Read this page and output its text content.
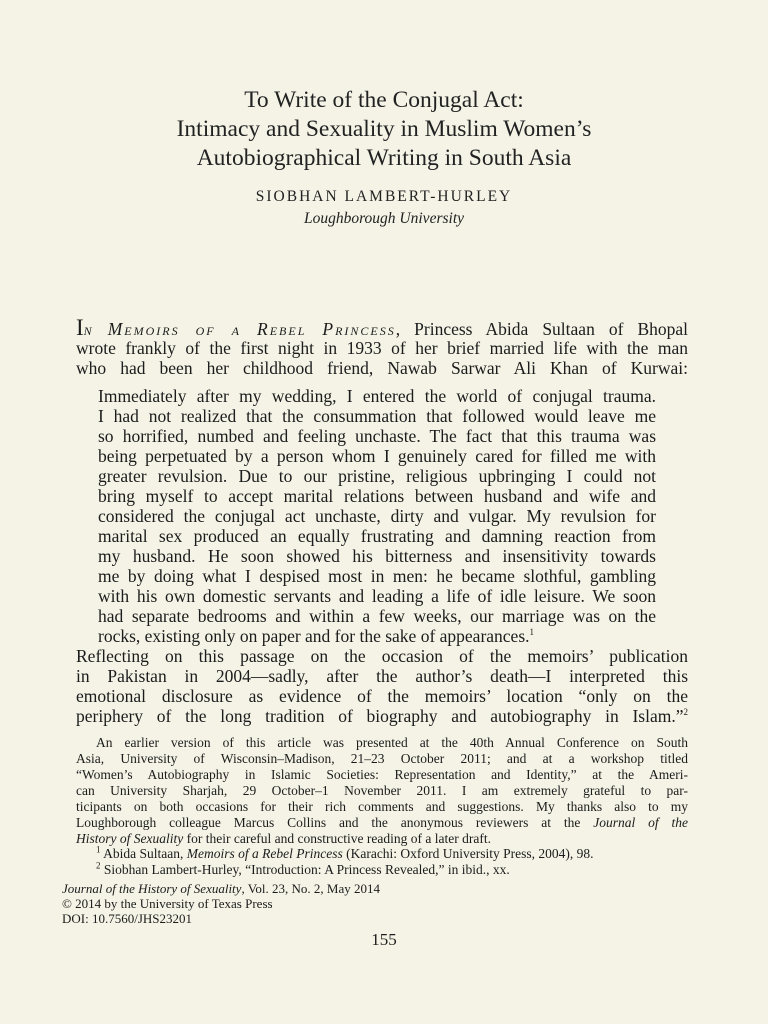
To Write of the Conjugal Act:
Intimacy and Sexuality in Muslim Women’s
Autobiographical Writing in South Asia
SIOBHAN LAMBERT-HURLEY
Loughborough University
In Memoirs of a Rebel Princess, Princess Abida Sultaan of Bhopal
wrote frankly of the first night in 1933 of her brief married life with the man
who had been her childhood friend, Nawab Sarwar Ali Khan of Kurwai:
Immediately after my wedding, I entered the world of conjugal trauma.
I had not realized that the consummation that followed would leave me
so horrified, numbed and feeling unchaste. The fact that this trauma was
being perpetuated by a person whom I genuinely cared for filled me with
greater revulsion. Due to our pristine, religious upbringing I could not
bring myself to accept marital relations between husband and wife and
considered the conjugal act unchaste, dirty and vulgar. My revulsion for
marital sex produced an equally frustrating and damning reaction from
my husband. He soon showed his bitterness and insensitivity towards
me by doing what I despised most in men: he became slothful, gambling
with his own domestic servants and leading a life of idle leisure. We soon
had separate bedrooms and within a few weeks, our marriage was on the
rocks, existing only on paper and for the sake of appearances.$^1$
Reflecting on this passage on the occasion of the memoirs’ publication
in Pakistan in 2004—sadly, after the author’s death—I interpreted this
emotional disclosure as evidence of the memoirs’ location “only on the
periphery of the long tradition of biography and autobiography in Islam.”$^2$
An earlier version of this article was presented at the 40th Annual Conference on South
Asia, University of Wisconsin–Madison, 21–23 October 2011; and at a workshop titled
“Women’s Autobiography in Islamic Societies: Representation and Identity,” at the Ameri-
can University Sharjah, 29 October–1 November 2011. I am extremely grateful to par-
ticipants on both occasions for their rich comments and suggestions. My thanks also to my
Loughborough colleague Marcus Collins and the anonymous reviewers at the Journal of the
History of Sexuality for their careful and constructive reading of a later draft.
$^1$ Abida Sultaan, Memoirs of a Rebel Princess (Karachi: Oxford University Press, 2004), 98.
$^2$ Siobhan Lambert-Hurley, “Introduction: A Princess Revealed,” in ibid., xx.
Journal of the History of Sexuality, Vol. 23, No. 2, May 2014
© 2014 by the University of Texas Press
DOI: 10.7560/JHS23201
155
